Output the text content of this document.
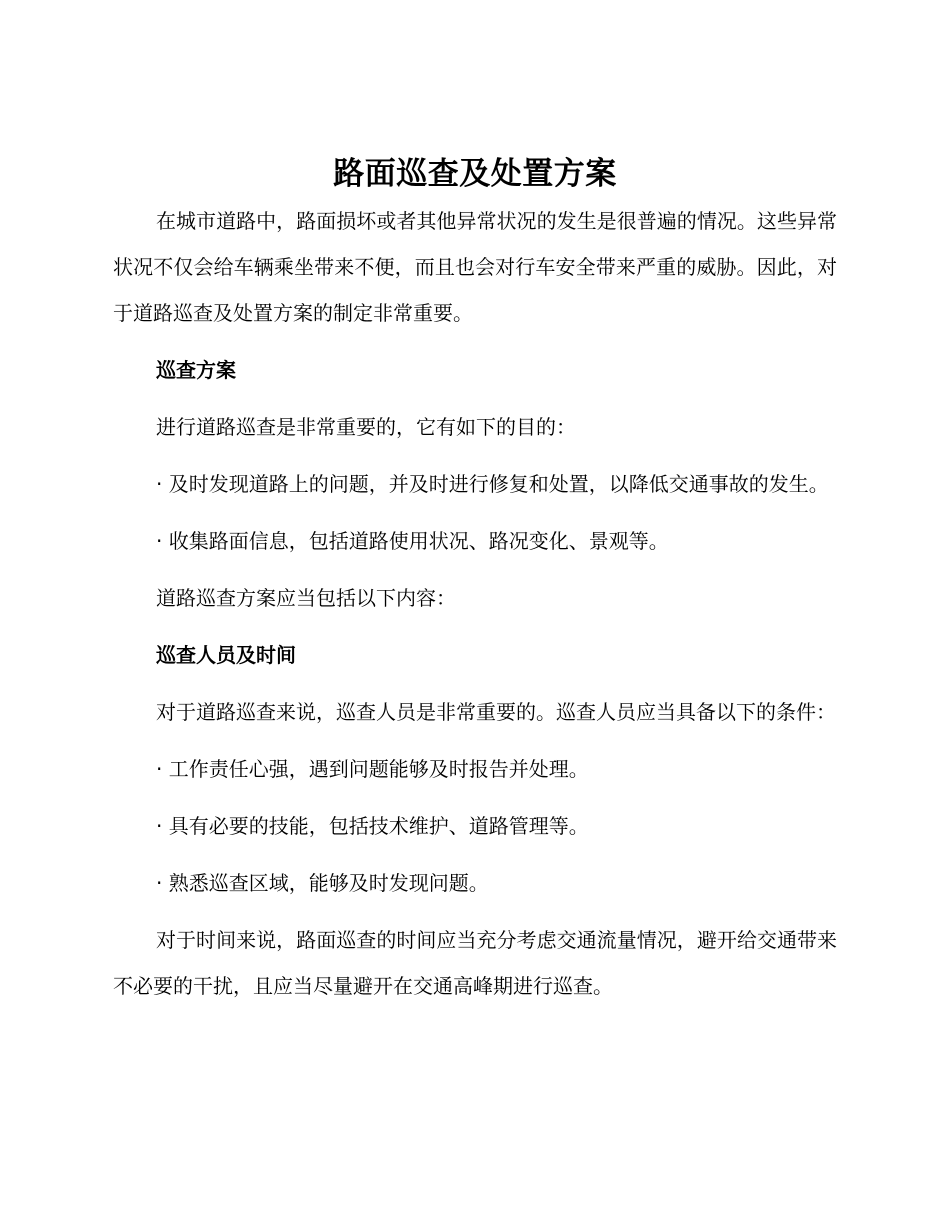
路面巡查及处置方案

在城市道路中，路面损坏或者其他异常状况的发生是很普遍的情况。这些异常状况不仅会给车辆乘坐带来不便，而且也会对行车安全带来严重的威胁。因此，对于道路巡查及处置方案的制定非常重要。

巡查方案

进行道路巡查是非常重要的，它有如下的目的：

· 及时发现道路上的问题，并及时进行修复和处置，以降低交通事故的发生。

· 收集路面信息，包括道路使用状况、路况变化、景观等。

道路巡查方案应当包括以下内容：

巡查人员及时间

对于道路巡查来说，巡查人员是非常重要的。巡查人员应当具备以下的条件：

· 工作责任心强，遇到问题能够及时报告并处理。

· 具有必要的技能，包括技术维护、道路管理等。

· 熟悉巡查区域，能够及时发现问题。

对于时间来说，路面巡查的时间应当充分考虑交通流量情况，避开给交通带来不必要的干扰，且应当尽量避开在交通高峰期进行巡查。
